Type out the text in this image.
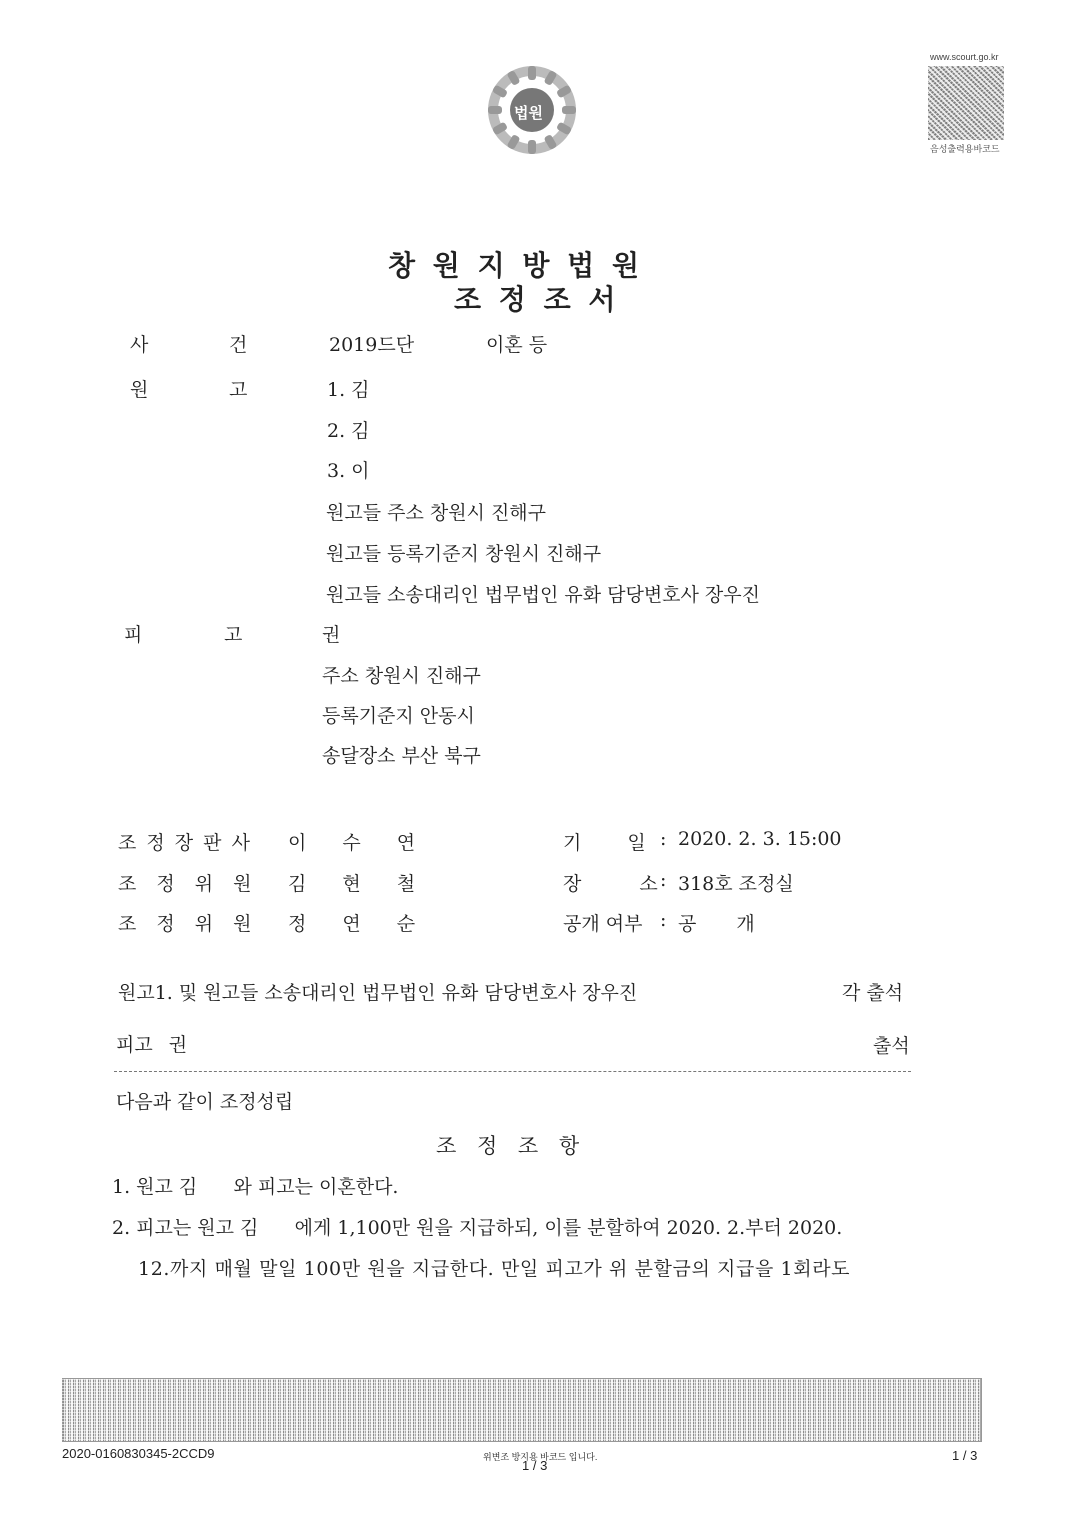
법원
www.scourt.go.kr
음성출력용바코드
창 원 지 방 법 원
조 정 조 서
사	건	2019드단	이혼 등
원	고	1. 김
2. 김
3. 이
원고들 주소 창원시 진해구
원고들 등록기준지 창원시 진해구
원고들 소송대리인 법무법인 유화 담당변호사 장우진
피	고	권
주소 창원시 진해구
등록기준지 안동시
송달장소 부산 북구
조 정 장 판 사 이 수 연	기 일 : 2020. 2. 3. 15:00
조 정 위 원 김 현 철	장 소 : 318호 조정실
조 정 위 원 정 연 순	공개 여부 : 공 개
원고1. 및 원고들 소송대리인 법무법인 유화 담당변호사 장우진	각 출석
피고 권	출석
다음과 같이 조정성립
조 정 조 항
1. 원고 김      와 피고는 이혼한다.
2. 피고는 원고 김      에게 1,100만 원을 지급하되, 이를 분할하여 2020. 2.부터 2020.
12.까지 매월 말일 100만 원을 지급한다. 만일 피고가 위 분할금의 지급을 1회라도
2020-0160830345-2CCD9	위변조 방지용 바코드 입니다.
1 / 3
1 / 3
